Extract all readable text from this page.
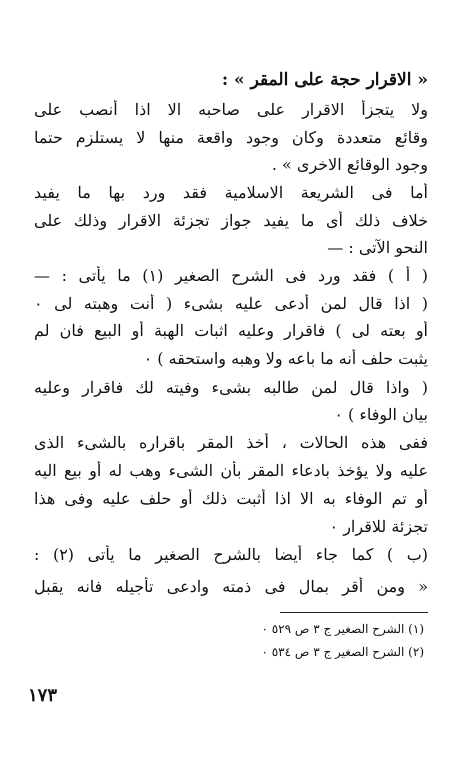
« الاقرار حجة على المقر » :
ولا يتجزأ الاقرار على صاحبه الا اذا أنصب على
وقائع متعددة وكان وجود واقعة منها لا يستلزم حتما
وجود الوقائع الاخرى » .
أما فى الشريعة الاسلامية فقد ورد بها ما يفيد
خلاف ذلك أى ما يفيد جواز تجزئة الاقرار وذلك على
النحو الآتى : —
( أ ) فقد ورد فى الشرح الصغير (١) ما يأتى : —
( اذا قال لمن أدعى عليه بشىء ( أنت وهبته لى ٠
أو بعته لى ) فاقرار وعليه اثبات الهبة أو البيع فان لم
يثبت حلف أنه ما باعه ولا وهبه واستحقه ) ٠
( واذا قال لمن طالبه بشىء وفيته لك فاقرار وعليه
بيان الوفاء ) ٠
ففى هذه الحالات ، أخذ المقر باقراره بالشىء الذى
عليه ولا يؤخذ بادعاء المقر بأن الشىء وهب له أو بيع اليه
أو تم الوفاء به الا اذا أثبت ذلك أو حلف عليه وفى هذا
تجزئة للاقرار ٠
(ب ) كما جاء أيضا بالشرح الصغير ما يأتى (٢) :
« ومن أقر بمال فى ذمته وادعى تأجيله فانه يقبل
(١) الشرح الصغير ج ٣ ص ٥٢٩ ٠
(٢) الشرح الصغير ج ٣ ص ٥٣٤ ٠
١٧٣
